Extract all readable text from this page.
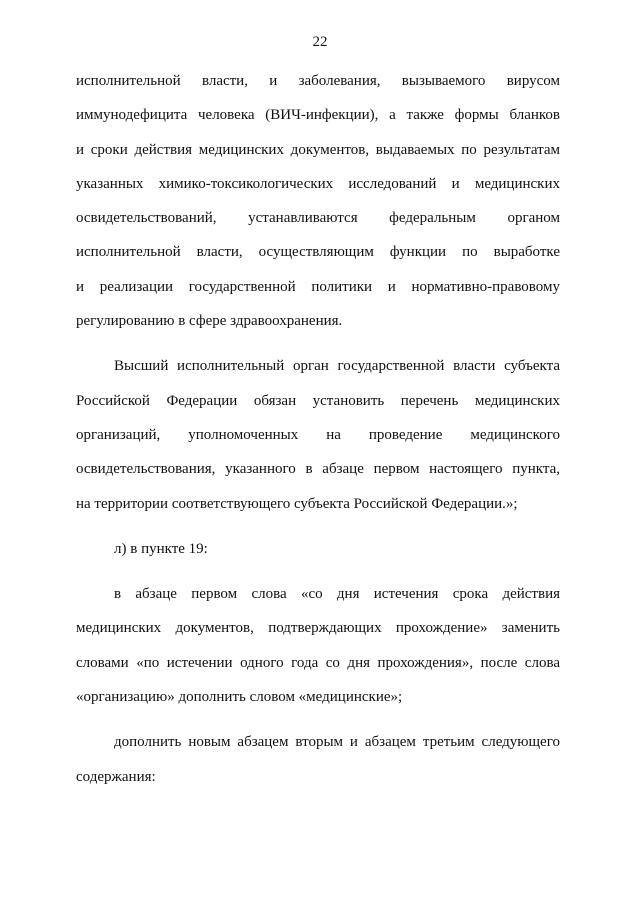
22

исполнительной власти, и заболевания, вызываемого вирусом

иммунодефицита человека (ВИЧ-инфекции), а также формы бланков

и сроки действия медицинских документов, выдаваемых по результатам

указанных химико-токсикологических исследований и медицинских

освидетельствований, устанавливаются федеральным органом

исполнительной власти, осуществляющим функции по выработке

и реализации государственной политики и нормативно-правовому

регулированию в сфере здравоохранения.

Высший исполнительный орган государственной власти субъекта

Российской Федерации обязан установить перечень медицинских

организаций, уполномоченных на проведение медицинского

освидетельствования, указанного в абзаце первом настоящего пункта,

на территории соответствующего субъекта Российской Федерации.»;

л) в пункте 19:

в абзаце первом слова «со дня истечения срока действия

медицинских документов, подтверждающих прохождение» заменить

словами «по истечении одного года со дня прохождения», после слова

«организацию» дополнить словом «медицинские»;

дополнить новым абзацем вторым и абзацем третьим следующего

содержания:
